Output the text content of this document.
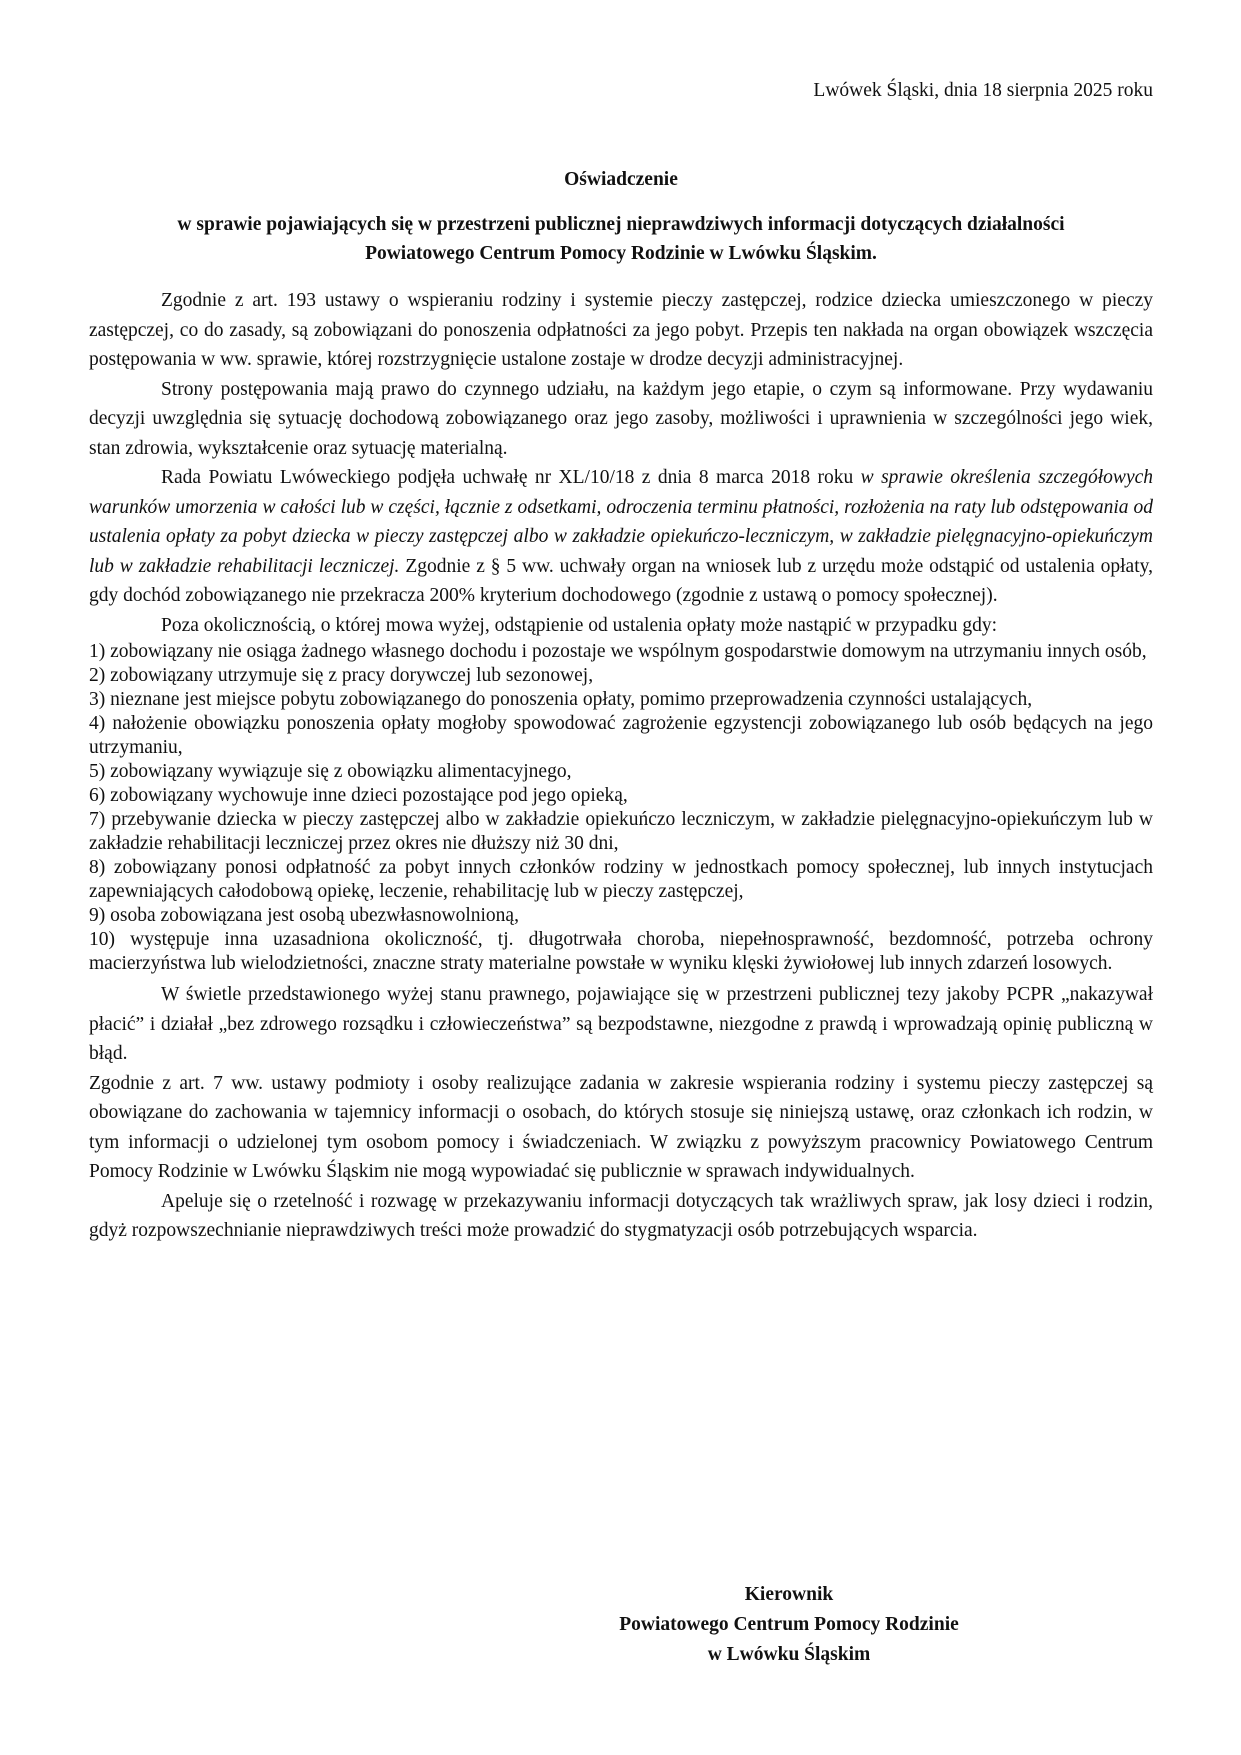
Lwówek Śląski, dnia 18 sierpnia 2025 roku
Oświadczenie
w sprawie pojawiających się w przestrzeni publicznej nieprawdziwych informacji dotyczących działalności
Powiatowego Centrum Pomocy Rodzinie w Lwówku Śląskim.

Zgodnie z art. 193 ustawy o wspieraniu rodziny i systemie pieczy zastępczej, rodzice dziecka umieszczonego w pieczy zastępczej, co do zasady, są zobowiązani do ponoszenia odpłatności za jego pobyt. Przepis ten nakłada na organ obowiązek wszczęcia postępowania w ww. sprawie, której rozstrzygnięcie ustalone zostaje w drodze decyzji administracyjnej.

Strony postępowania mają prawo do czynnego udziału, na każdym jego etapie, o czym są informowane. Przy wydawaniu decyzji uwzględnia się sytuację dochodową zobowiązanego oraz jego zasoby, możliwości i uprawnienia w szczególności jego wiek, stan zdrowia, wykształcenie oraz sytuację materialną.

Rada Powiatu Lwóweckiego podjęła uchwałę nr XL/10/18 z dnia 8 marca 2018 roku w sprawie określenia szczegółowych warunków umorzenia w całości lub w części, łącznie z odsetkami, odroczenia terminu płatności, rozłożenia na raty lub odstępowania od ustalenia opłaty za pobyt dziecka w pieczy zastępczej albo w zakładzie opiekuńczo-leczniczym, w zakładzie pielęgnacyjno-opiekuńczym lub w zakładzie rehabilitacji leczniczej. Zgodnie z § 5 ww. uchwały organ na wniosek lub z urzędu może odstąpić od ustalenia opłaty, gdy dochód zobowiązanego nie przekracza 200% kryterium dochodowego (zgodnie z ustawą o pomocy społecznej).

Poza okolicznością, o której mowa wyżej, odstąpienie od ustalenia opłaty może nastąpić w przypadku gdy:

1) zobowiązany nie osiąga żadnego własnego dochodu i pozostaje we wspólnym gospodarstwie domowym na utrzymaniu innych osób,
2) zobowiązany utrzymuje się z pracy dorywczej lub sezonowej,
3) nieznane jest miejsce pobytu zobowiązanego do ponoszenia opłaty, pomimo przeprowadzenia czynności ustalających,
4) nałożenie obowiązku ponoszenia opłaty mogłoby spowodować zagrożenie egzystencji zobowiązanego lub osób będących na jego utrzymaniu,
5) zobowiązany wywiązuje się z obowiązku alimentacyjnego,
6) zobowiązany wychowuje inne dzieci pozostające pod jego opieką,
7) przebywanie dziecka w pieczy zastępczej albo w zakładzie opiekuńczo leczniczym, w zakładzie pielęgnacyjno-opiekuńczym lub w zakładzie rehabilitacji leczniczej przez okres nie dłuższy niż 30 dni,
8) zobowiązany ponosi odpłatność za pobyt innych członków rodziny w jednostkach pomocy społecznej, lub innych instytucjach zapewniających całodobową opiekę, leczenie, rehabilitację lub w pieczy zastępczej,
9) osoba zobowiązana jest osobą ubezwłasnowolnioną,
10) występuje inna uzasadniona okoliczność, tj. długotrwała choroba, niepełnosprawność, bezdomność, potrzeba ochrony macierzyństwa lub wielodzietności, znaczne straty materialne powstałe w wyniku klęski żywiołowej lub innych zdarzeń losowych.

W świetle przedstawionego wyżej stanu prawnego, pojawiające się w przestrzeni publicznej tezy jakoby PCPR „nakazywał płacić” i działał „bez zdrowego rozsądku i człowieczeństwa” są bezpodstawne, niezgodne z prawdą i wprowadzają opinię publiczną w błąd.

Zgodnie z art. 7 ww. ustawy podmioty i osoby realizujące zadania w zakresie wspierania rodziny i systemu pieczy zastępczej są obowiązane do zachowania w tajemnicy informacji o osobach, do których stosuje się niniejszą ustawę, oraz członkach ich rodzin, w tym informacji o udzielonej tym osobom pomocy i świadczeniach. W związku z powyższym pracownicy Powiatowego Centrum Pomocy Rodzinie w Lwówku Śląskim nie mogą wypowiadać się publicznie w sprawach indywidualnych.

Apeluje się o rzetelność i rozwagę w przekazywaniu informacji dotyczących tak wrażliwych spraw, jak losy dzieci i rodzin, gdyż rozpowszechnianie nieprawdziwych treści może prowadzić do stygmatyzacji osób potrzebujących wsparcia.

Kierownik
Powiatowego Centrum Pomocy Rodzinie
w Lwówku Śląskim
